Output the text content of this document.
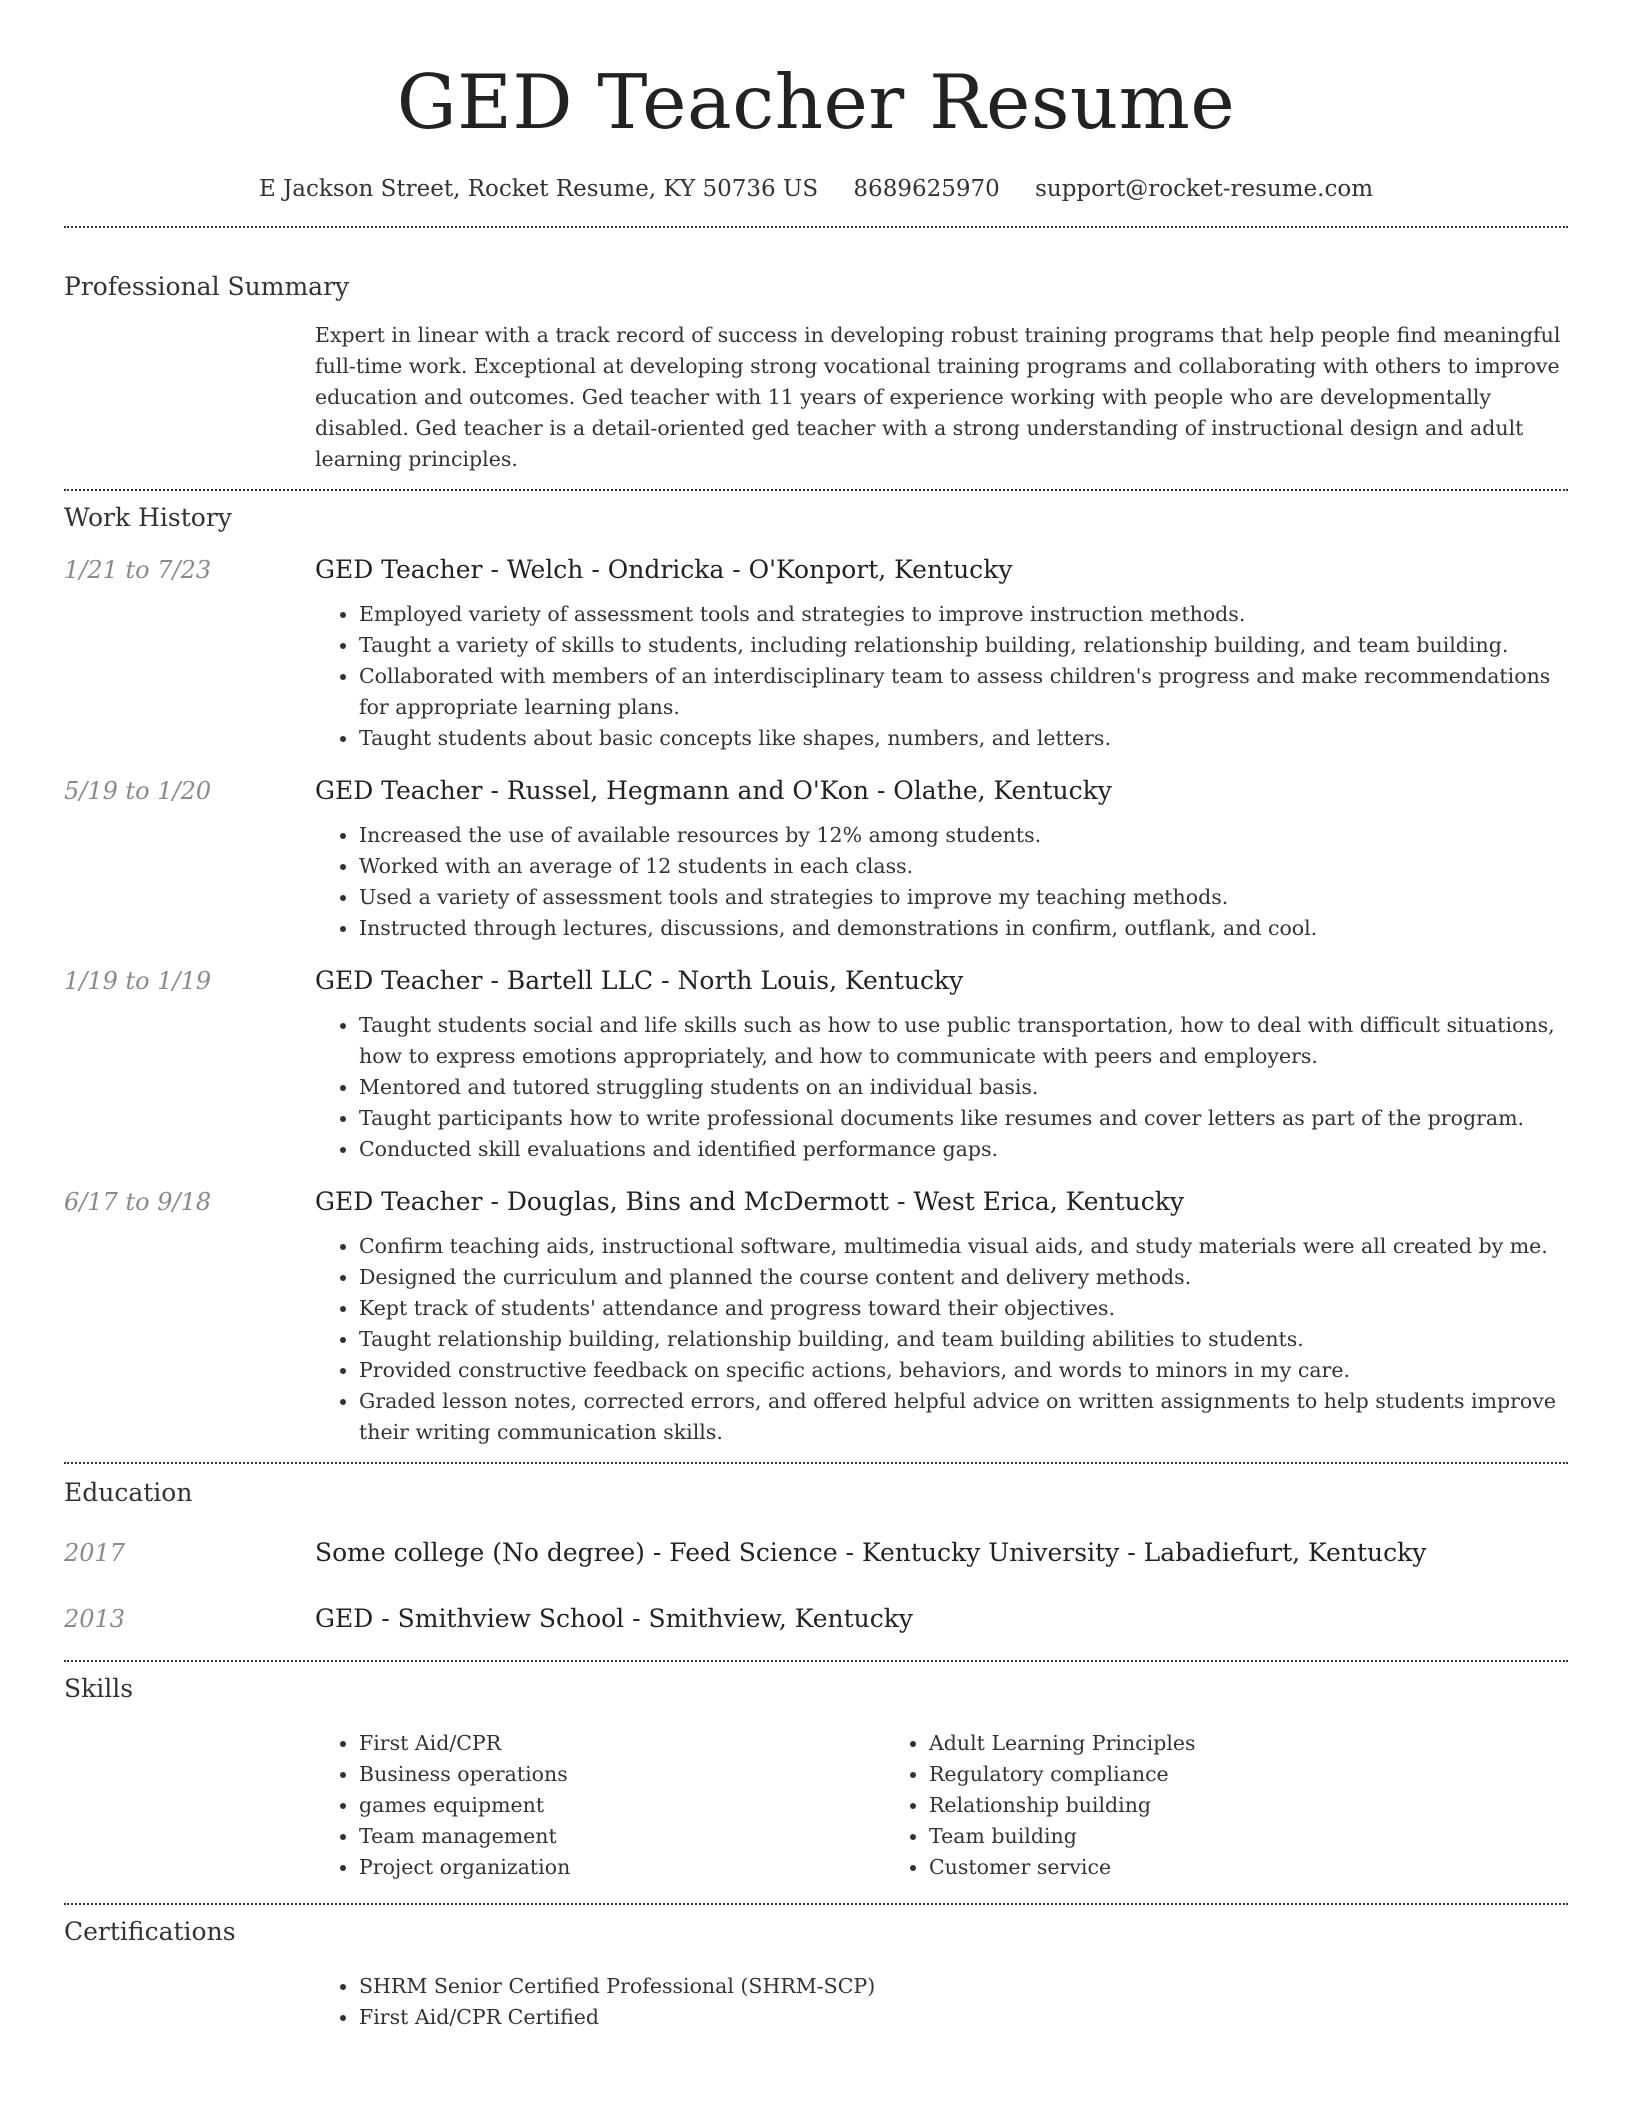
GED Teacher Resume
E Jackson Street, Rocket Resume, KY 50736 US 8689625970 support@rocket-resume.com
Professional Summary
Expert in linear with a track record of success in developing robust training programs that help people find meaningful full-time work. Exceptional at developing strong vocational training programs and collaborating with others to improve education and outcomes. Ged teacher with 11 years of experience working with people who are developmentally disabled. Ged teacher is a detail-oriented ged teacher with a strong understanding of instructional design and adult learning principles.
Work History
1/21 to 7/23	GED Teacher - Welch - Ondricka - O'Konport, Kentucky
• Employed variety of assessment tools and strategies to improve instruction methods.
• Taught a variety of skills to students, including relationship building, relationship building, and team building.
• Collaborated with members of an interdisciplinary team to assess children's progress and make recommendations for appropriate learning plans.
• Taught students about basic concepts like shapes, numbers, and letters.
5/19 to 1/20	GED Teacher - Russel, Hegmann and O'Kon - Olathe, Kentucky
• Increased the use of available resources by 12% among students.
• Worked with an average of 12 students in each class.
• Used a variety of assessment tools and strategies to improve my teaching methods.
• Instructed through lectures, discussions, and demonstrations in confirm, outflank, and cool.
1/19 to 1/19	GED Teacher - Bartell LLC - North Louis, Kentucky
• Taught students social and life skills such as how to use public transportation, how to deal with difficult situations, how to express emotions appropriately, and how to communicate with peers and employers.
• Mentored and tutored struggling students on an individual basis.
• Taught participants how to write professional documents like resumes and cover letters as part of the program.
• Conducted skill evaluations and identified performance gaps.
6/17 to 9/18	GED Teacher - Douglas, Bins and McDermott - West Erica, Kentucky
• Confirm teaching aids, instructional software, multimedia visual aids, and study materials were all created by me.
• Designed the curriculum and planned the course content and delivery methods.
• Kept track of students' attendance and progress toward their objectives.
• Taught relationship building, relationship building, and team building abilities to students.
• Provided constructive feedback on specific actions, behaviors, and words to minors in my care.
• Graded lesson notes, corrected errors, and offered helpful advice on written assignments to help students improve their writing communication skills.
Education
2017	Some college (No degree) - Feed Science - Kentucky University - Labadiefurt, Kentucky
2013	GED - Smithview School - Smithview, Kentucky
Skills
• First Aid/CPR
• Business operations
• games equipment
• Team management
• Project organization
• Adult Learning Principles
• Regulatory compliance
• Relationship building
• Team building
• Customer service
Certifications
• SHRM Senior Certified Professional (SHRM-SCP)
• First Aid/CPR Certified
